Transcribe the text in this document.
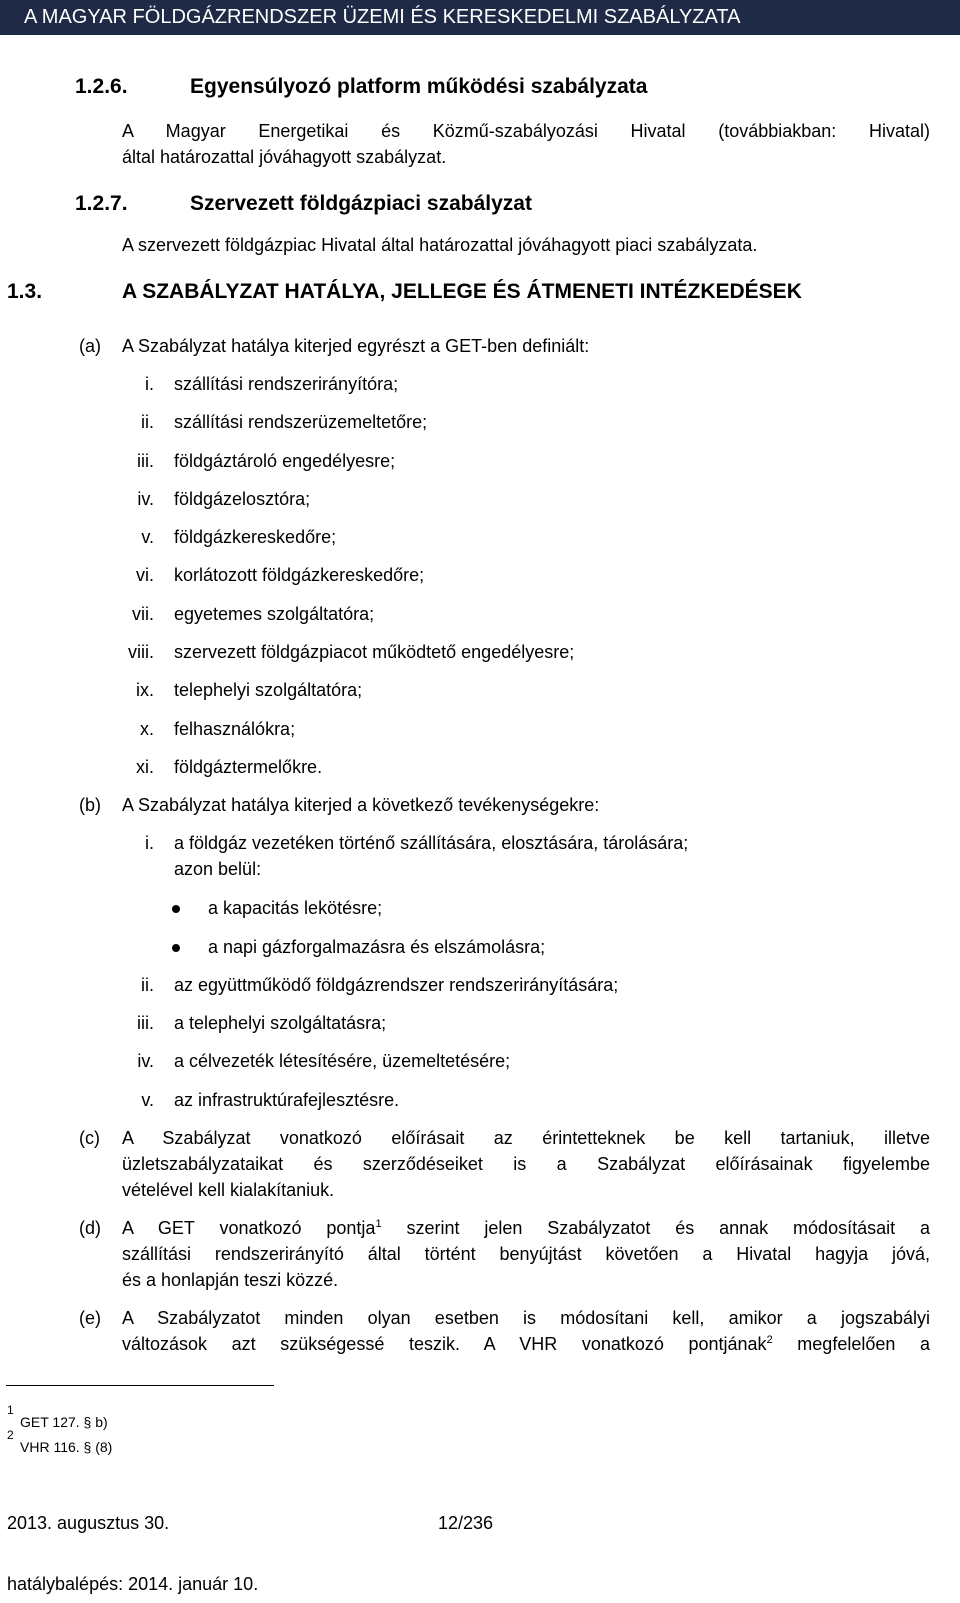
A MAGYAR FÖLDGÁZRENDSZER ÜZEMI ÉS KERESKEDELMI SZABÁLYZATA
1.2.6.	Egyensúlyozó platform működési szabályzata
A Magyar Energetikai és Közmű-szabályozási Hivatal (továbbiakban: Hivatal)
által határozattal jóváhagyott szabályzat.
1.2.7.	Szervezett földgázpiaci szabályzat
A szervezett földgázpiac Hivatal által határozattal jóváhagyott piaci szabályzata.
1.3.	A SZABÁLYZAT HATÁLYA, JELLEGE ÉS ÁTMENETI INTÉZKEDÉSEK
(a) A Szabályzat hatálya kiterjed egyrészt a GET-ben definiált:
i. szállítási rendszerirányítóra;
ii. szállítási rendszerüzemeltetőre;
iii. földgáztároló engedélyesre;
iv. földgázelosztóra;
v. földgázkereskedőre;
vi. korlátozott földgázkereskedőre;
vii. egyetemes szolgáltatóra;
viii. szervezett földgázpiacot működtető engedélyesre;
ix. telephelyi szolgáltatóra;
x. felhasználókra;
xi. földgáztermelőkre.
(b) A Szabályzat hatálya kiterjed a következő tevékenységekre:
i. a földgáz vezetéken történő szállítására, elosztására, tárolására;
azon belül:
a kapacitás lekötésre;
a napi gázforgalmazásra és elszámolásra;
ii. az együttműködő földgázrendszer rendszerirányítására;
iii. a telephelyi szolgáltatásra;
iv. a célvezeték létesítésére, üzemeltetésére;
v. az infrastruktúrafejlesztésre.
(c) A Szabályzat vonatkozó előírásait az érintetteknek be kell tartaniuk, illetve
üzletszabályzataikat és szerződéseiket is a Szabályzat előírásainak figyelembe
vételével kell kialakítaniuk.
(d) A GET vonatkozó pontja$^1$ szerint jelen Szabályzatot és annak módosításait a
szállítási rendszerirányító által történt benyújtást követően a Hivatal hagyja jóvá,
és a honlapján teszi közzé.
(e) A Szabályzatot minden olyan esetben is módosítani kell, amikor a jogszabályi
változások azt szükségessé teszik. A VHR vonatkozó pontjának$^2$ megfelelően a
1
GET 127. § b)
2
VHR 116. § (8)
2013. augusztus 30.	12/236
hatálybalépés: 2014. január 10.
